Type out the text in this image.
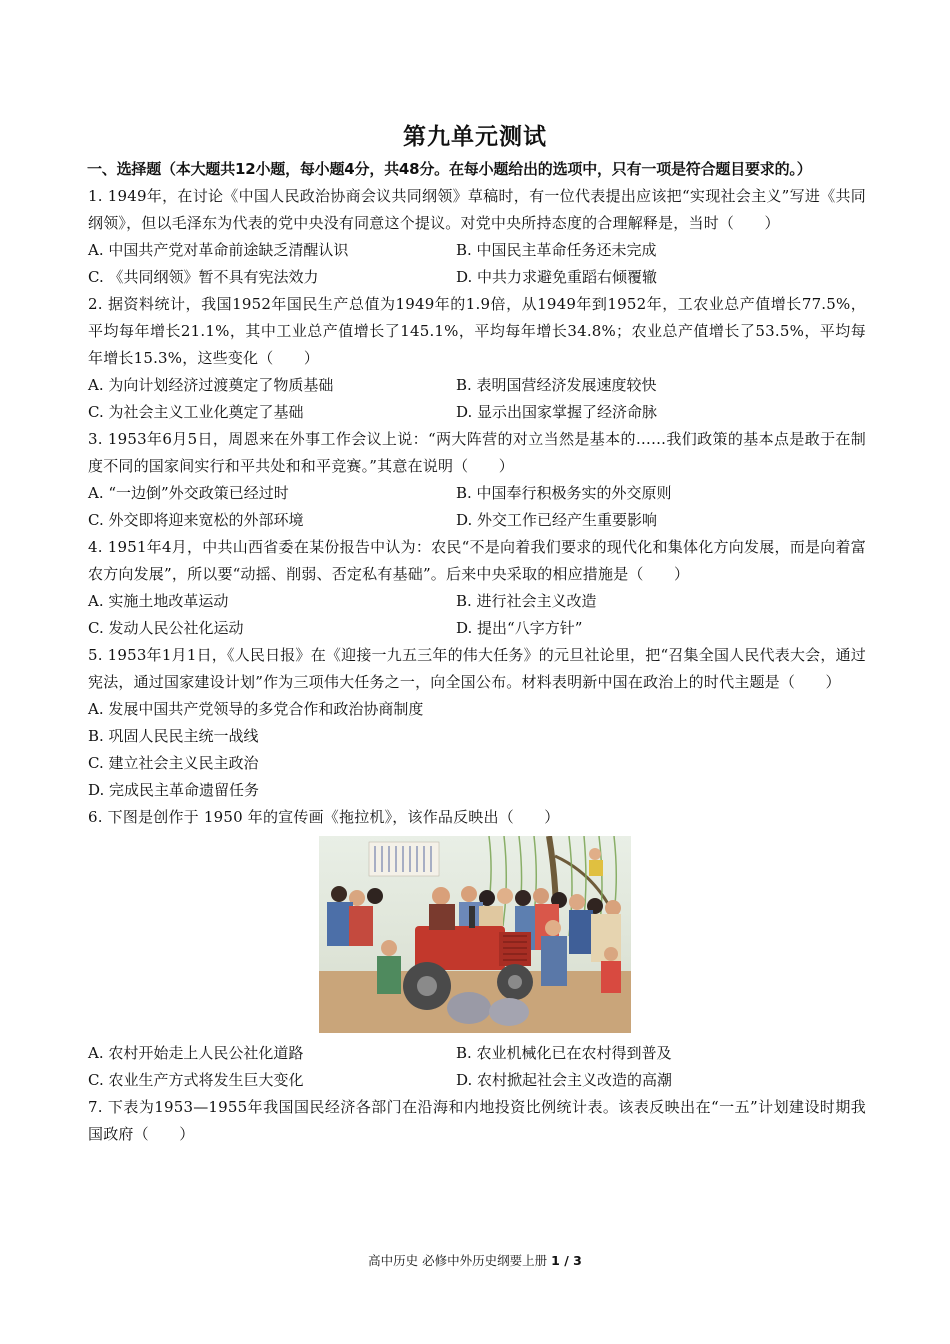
第九单元测试
一、选择题（本大题共12小题，每小题4分，共48分。在每小题给出的选项中，只有一项是符合题目要求的。）
1. 1949年，在讨论《中国人民政治协商会议共同纲领》草稿时，有一位代表提出应该把“实现社会主义”写进《共同纲领》，但以毛泽东为代表的党中央没有同意这个提议。对党中央所持态度的合理解释是，当时（　　）
A. 中国共产党对革命前途缺乏清醒认识	B. 中国民主革命任务还未完成
C. 《共同纲领》暂不具有宪法效力	D. 中共力求避免重蹈右倾覆辙
2. 据资料统计，我国1952年国民生产总值为1949年的1.9倍，从1949年到1952年，工农业总产值增长77.5%，平均每年增长21.1%，其中工业总产值增长了145.1%，平均每年增长34.8%；农业总产值增长了53.5%，平均每年增长15.3%，这些变化（　　）
A. 为向计划经济过渡奠定了物质基础	B. 表明国营经济发展速度较快
C. 为社会主义工业化奠定了基础	D. 显示出国家掌握了经济命脉
3. 1953年6月5日，周恩来在外事工作会议上说：“两大阵营的对立当然是基本的……我们政策的基本点是敢于在制度不同的国家间实行和平共处和和平竞赛。”其意在说明（　　）
A. “一边倒”外交政策已经过时	B. 中国奉行积极务实的外交原则
C. 外交即将迎来宽松的外部环境	D. 外交工作已经产生重要影响
4. 1951年4月，中共山西省委在某份报告中认为：农民“不是向着我们要求的现代化和集体化方向发展，而是向着富农方向发展”，所以要“动摇、削弱、否定私有基础”。后来中央采取的相应措施是（　　）
A. 实施土地改革运动	B. 进行社会主义改造
C. 发动人民公社化运动	D. 提出“八字方针”
5. 1953年1月1日，《人民日报》在《迎接一九五三年的伟大任务》的元旦社论里，把“召集全国人民代表大会，通过宪法，通过国家建设计划”作为三项伟大任务之一，向全国公布。材料表明新中国在政治上的时代主题是（　　）
A. 发展中国共产党领导的多党合作和政治协商制度
B. 巩固人民民主统一战线
C. 建立社会主义民主政治
D. 完成民主革命遗留任务
6. 下图是创作于 1950 年的宣传画《拖拉机》，该作品反映出（　　）
A. 农村开始走上人民公社化道路	B. 农业机械化已在农村得到普及
C. 农业生产方式将发生巨大变化	D. 农村掀起社会主义改造的高潮
7. 下表为1953—1955年我国国民经济各部门在沿海和内地投资比例统计表。该表反映出在“一五”计划建设时期我国政府（　　）
高中历史 必修中外历史纲要上册 1 / 3
